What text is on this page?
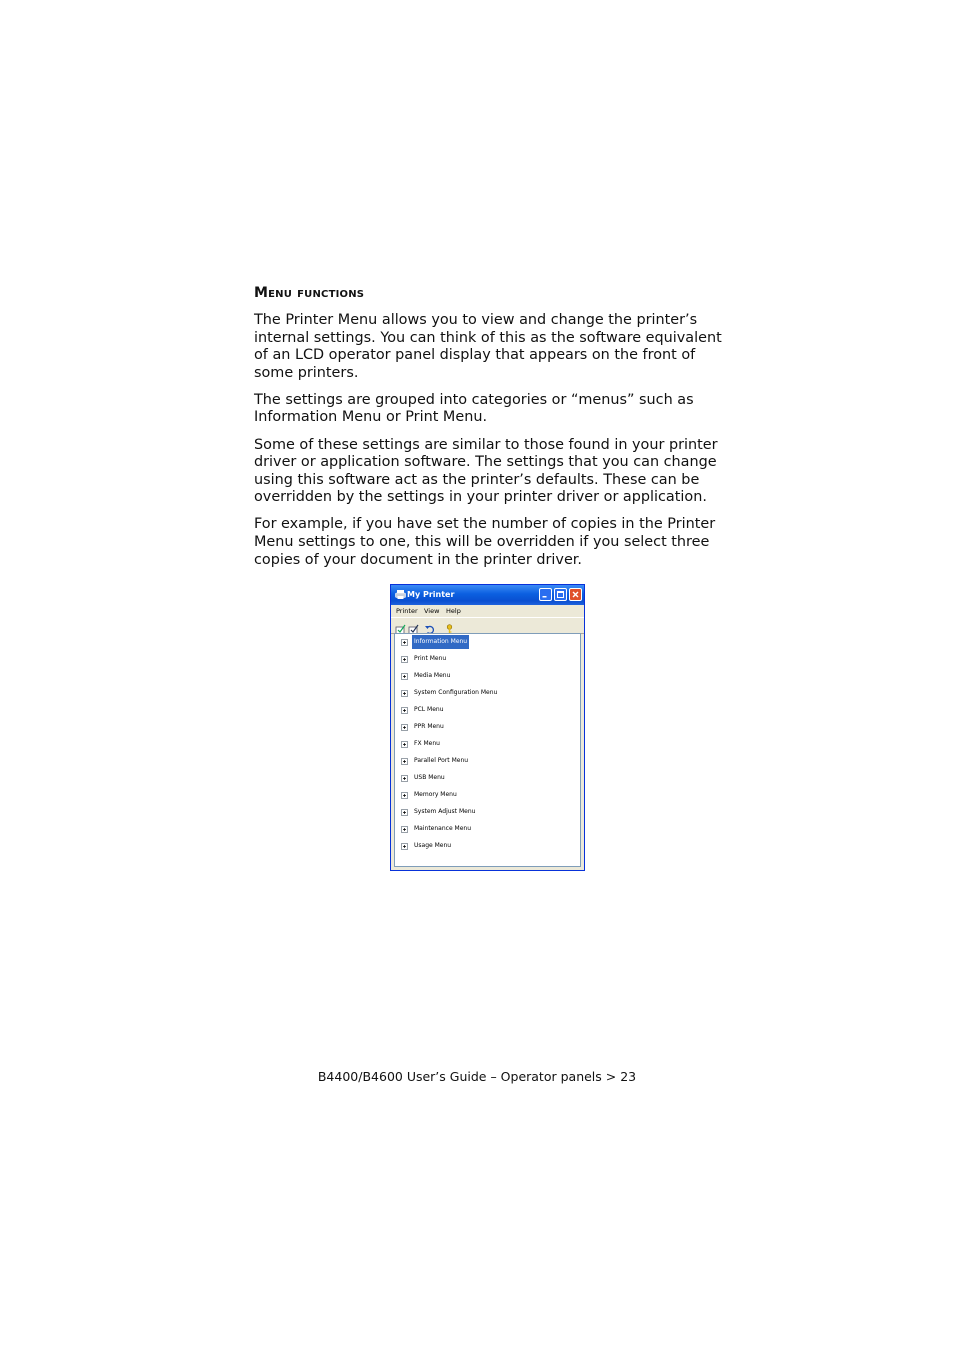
Menu functions

The Printer Menu allows you to view and change the printer’s internal settings. You can think of this as the software equivalent of an LCD operator panel display that appears on the front of some printers.

The settings are grouped into categories or “menus” such as Information Menu or Print Menu.

Some of these settings are similar to those found in your printer driver or application software. The settings that you can change using this software act as the printer’s defaults. These can be overridden by the settings in your printer driver or application.

For example, if you have set the number of copies in the Printer Menu settings to one, this will be overridden if you select three copies of your document in the printer driver.

My Printer
Printer View Help
Information Menu
Print Menu
Media Menu
System Configuration Menu
PCL Menu
PPR Menu
FX Menu
Parallel Port Menu
USB Menu
Memory Menu
System Adjust Menu
Maintenance Menu
Usage Menu
B4400/B4600 User’s Guide – Operator panels > 23
